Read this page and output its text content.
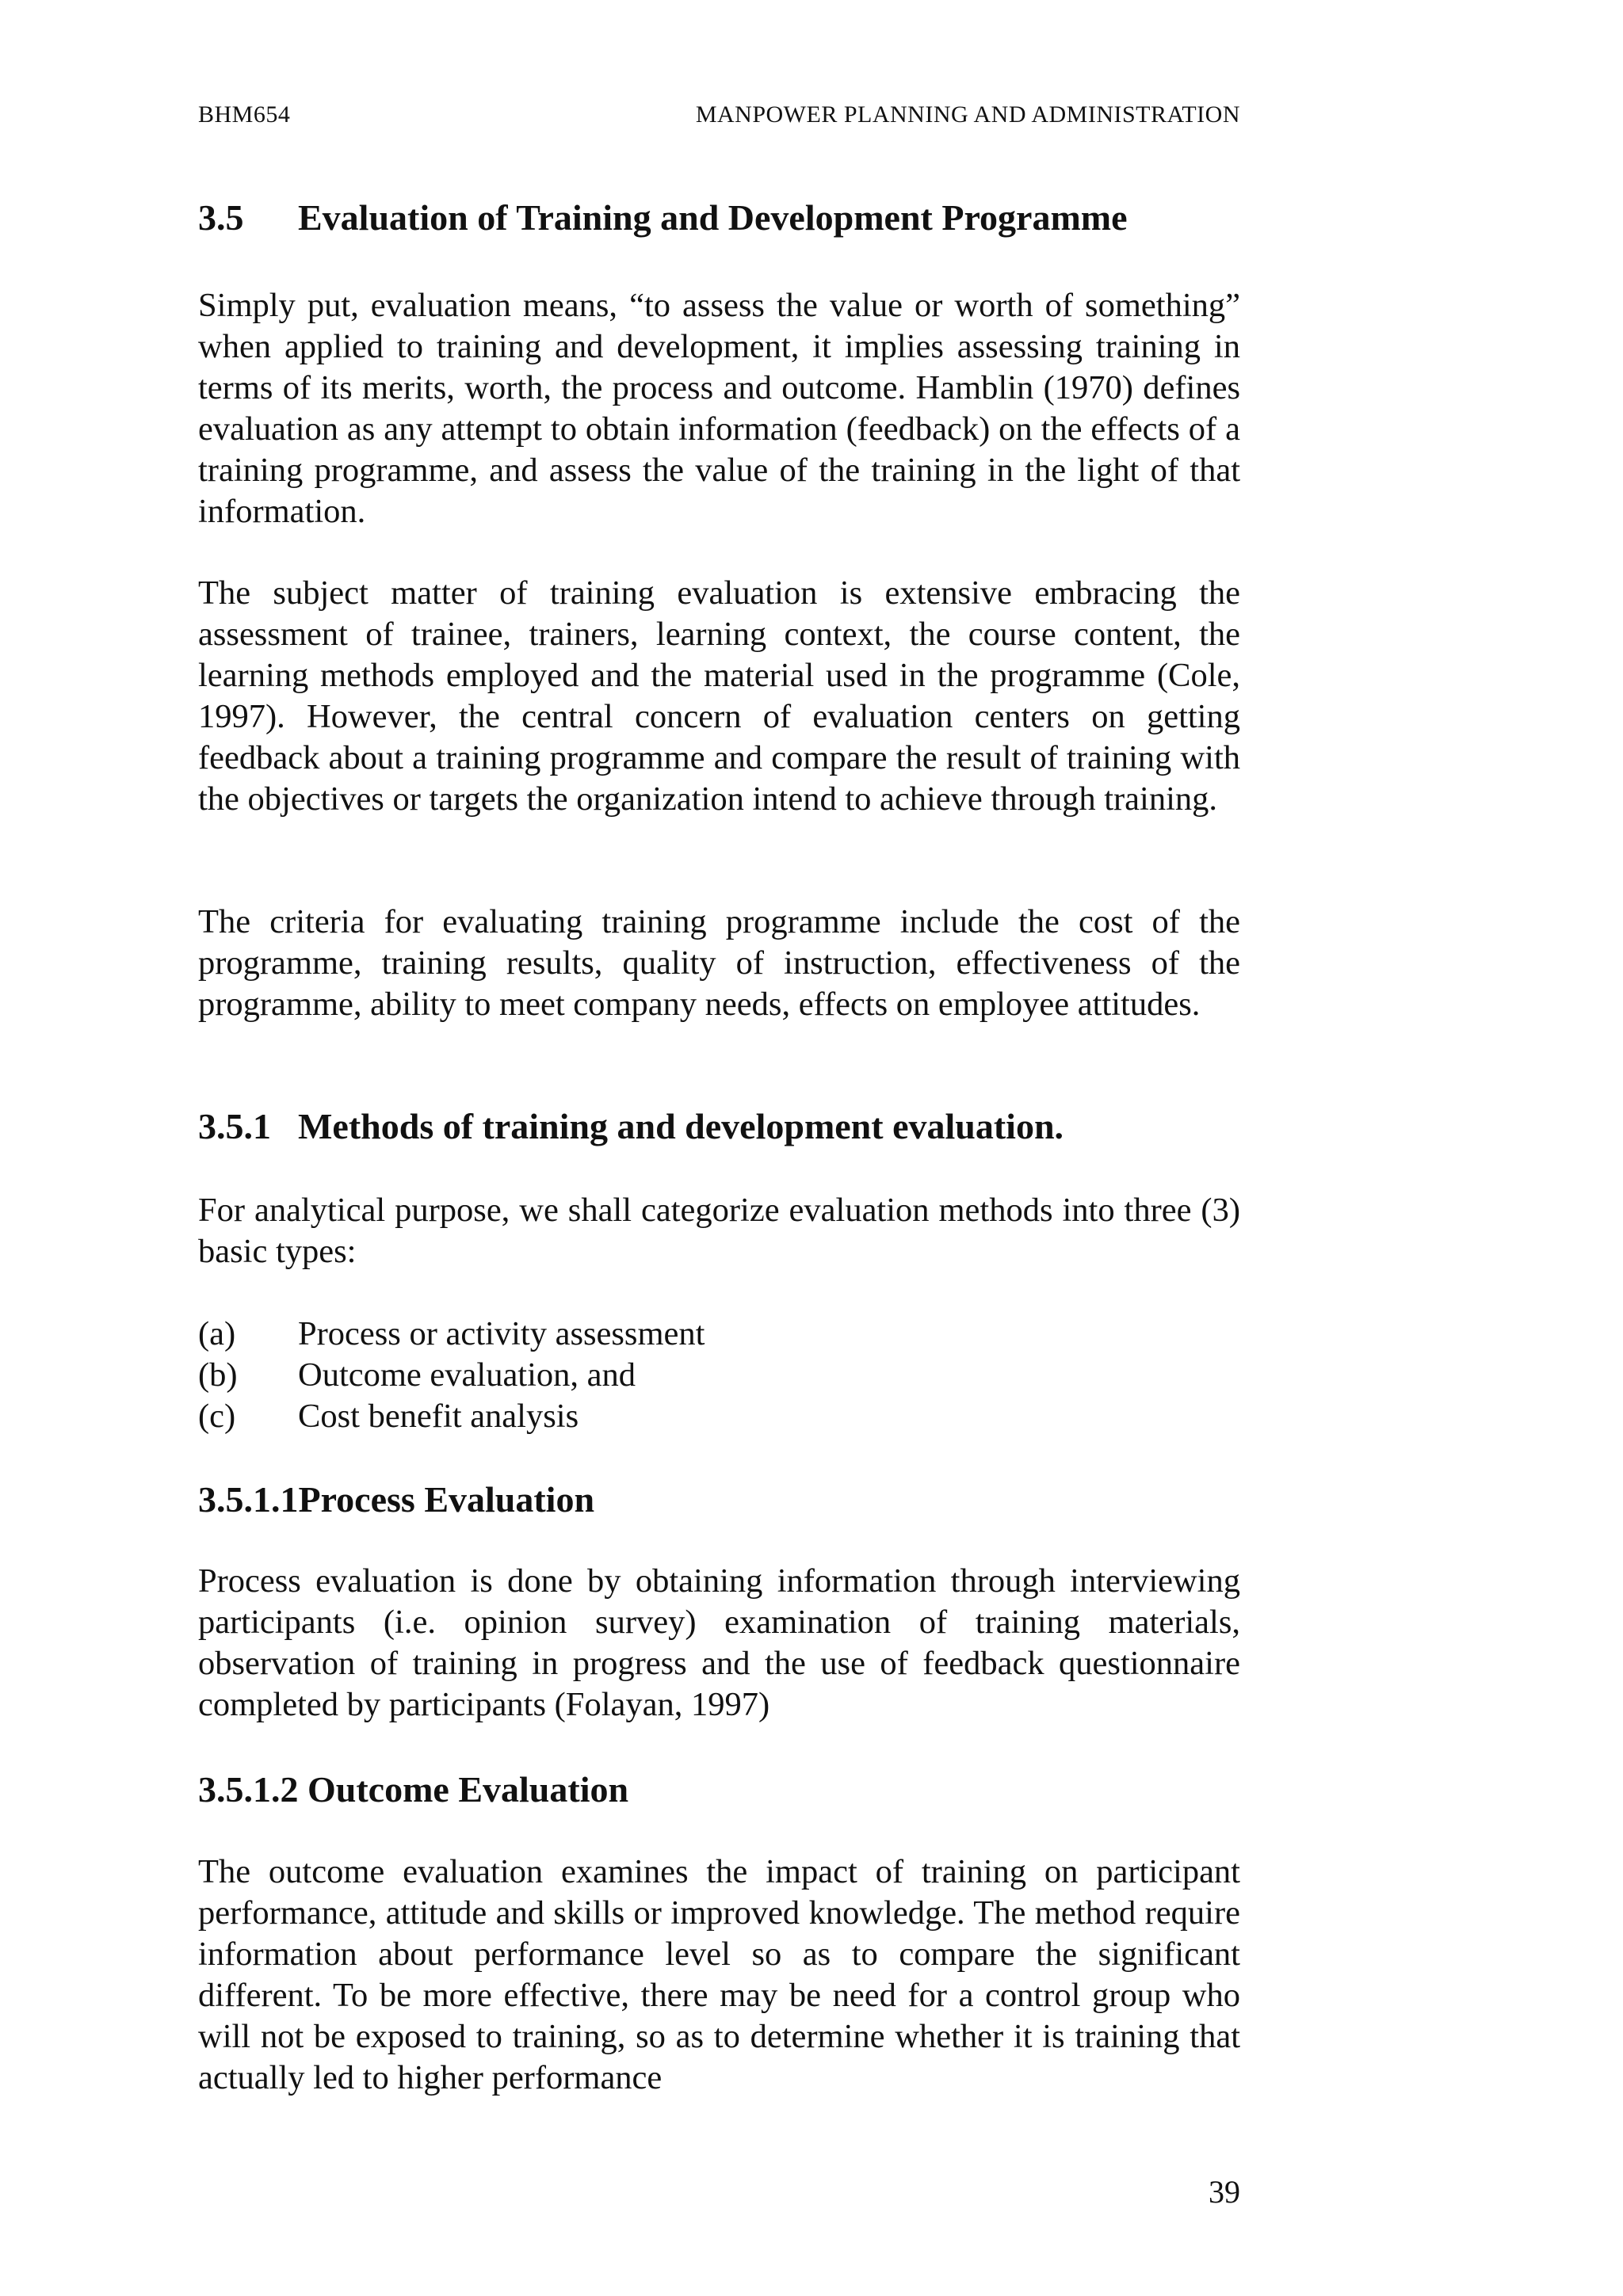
BHM654	MANPOWER PLANNING AND ADMINISTRATION
3.5 Evaluation of Training and Development Programme

Simply put, evaluation means, “to assess the value or worth of something” when applied to training and development, it implies assessing training in terms of its merits, worth, the process and outcome. Hamblin (1970) defines evaluation as any attempt to obtain information (feedback) on the effects of a training programme, and assess the value of the training in the light of that information.

The subject matter of training evaluation is extensive embracing the assessment of trainee, trainers, learning context, the course content, the learning methods employed and the material used in the programme (Cole, 1997). However, the central concern of evaluation centers on getting feedback about a training programme and compare the result of training with the objectives or targets the organization intend to achieve through training.

The criteria for evaluating training programme include the cost of the programme, training results, quality of instruction, effectiveness of the programme, ability to meet company needs, effects on employee attitudes.

3.5.1 Methods of training and development evaluation.

For analytical purpose, we shall categorize evaluation methods into three (3) basic types:

(a)	Process or activity assessment
(b)	Outcome evaluation, and
(c)	Cost benefit analysis
3.5.1.1Process Evaluation

Process evaluation is done by obtaining information through interviewing participants (i.e. opinion survey) examination of training materials, observation of training in progress and the use of feedback questionnaire completed by participants (Folayan, 1997)

3.5.1.2 Outcome Evaluation

The outcome evaluation examines the impact of training on participant performance, attitude and skills or improved knowledge. The method require information about performance level so as to compare the significant different. To be more effective, there may be need for a control group who will not be exposed to training, so as to determine whether it is training that actually led to higher performance

39
